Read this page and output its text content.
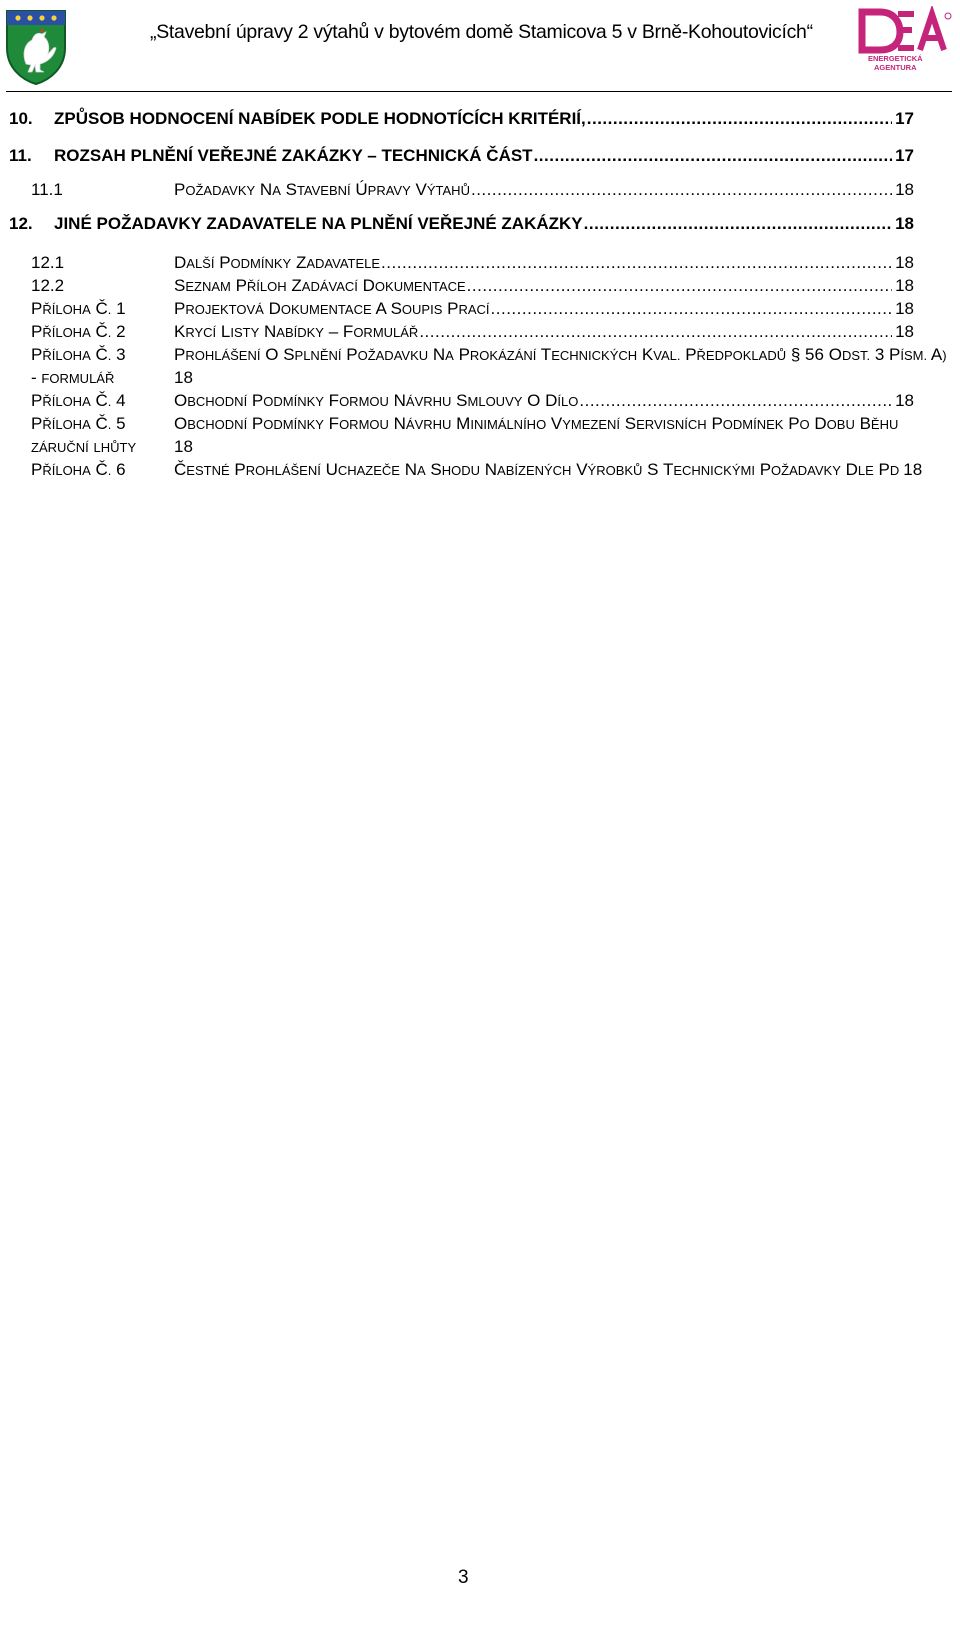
„Stavební úpravy 2 výtahů v bytovém domě Stamicova 5 v Brně-Kohoutovicích“
ENERGETICKÁ
AGENTURA
10. ZPŮSOB HODNOCENÍ NABÍDEK PODLE HODNOTÍCÍCH KRITÉRIÍ, .....	17
11. ROZSAH PLNĚNÍ VEŘEJNÉ ZAKÁZKY – TECHNICKÁ ČÁST .....	17
11.1	POŽADAVKY NA STAVEBNÍ ÚPRAVY VÝTAHŮ .....	18
12. JINÉ POŽADAVKY ZADAVATELE NA PLNĚNÍ VEŘEJNÉ ZAKÁZKY .....	18
12.1	DALŠÍ PODMÍNKY ZADAVATELE .....	18
12.2	SEZNAM PŘÍLOH ZADÁVACÍ DOKUMENTACE .....	18
PŘÍLOHA Č. 1	PROJEKTOVÁ DOKUMENTACE A SOUPIS PRACÍ .....	18
PŘÍLOHA Č. 2	KRYCÍ LISTY NABÍDKY – FORMULÁŘ .....	18
PŘÍLOHA Č. 3	PROHLÁŠENÍ O SPLNĚNÍ POŽADAVKU NA PROKÁZÁNÍ TECHNICKÝCH KVAL. PŘEDPOKLADŮ § 56 ODST. 3 PÍSM. A)
- FORMULÁŘ	18
PŘÍLOHA Č. 4	OBCHODNÍ PODMÍNKY FORMOU NÁVRHU SMLOUVY O DÍLO .....	18
PŘÍLOHA Č. 5	OBCHODNÍ PODMÍNKY FORMOU NÁVRHU MINIMÁLNÍHO VYMEZENÍ SERVISNÍCH PODMÍNEK PO DOBU BĚHU
ZÁRUČNÍ LHŮTY 18
PŘÍLOHA Č. 6	ČESTNÉ PROHLÁŠENÍ UCHAZEČE NA SHODU NABÍZENÝCH VÝROBKŮ S TECHNICKÝMI POŽADAVKY DLE PD 18
3
